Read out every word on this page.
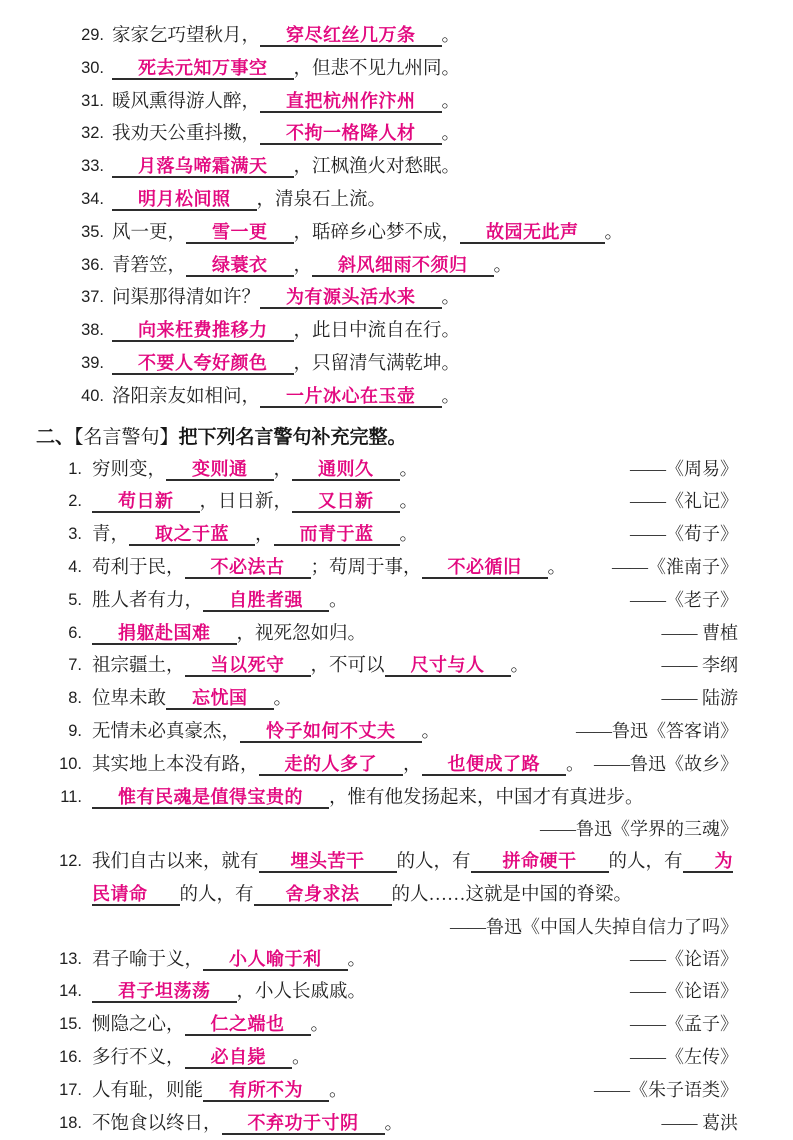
29. 家家乞巧望秋月， 穿尽红丝几万条 。
30. 死去元知万事空 ，但悲不见九州同。
31. 暖风熏得游人醉， 直把杭州作汴州 。
32. 我劝天公重抖擞， 不拘一格降人材 。
33. 月落乌啼霜满天 ，江枫渔火对愁眠。
34. 明月松间照 ，清泉石上流。
35. 风一更， 雪一更 ，聒碎乡心梦不成， 故园无此声 。
36. 青箬笠， 绿蓑衣 ， 斜风细雨不须归 。
37. 问渠那得清如许？ 为有源头活水来 。
38. 向来枉费推移力 ，此日中流自在行。
39. 不要人夸好颜色 ，只留清气满乾坤。
40. 洛阳亲友如相问， 一片冰心在玉壶 。
二、【名言警句】把下列名言警句补充完整。
1. 穷则变， 变则通 ， 通则久 。	——《周易》
2. 苟日新 ，日日新， 又日新 。	——《礼记》
3. 青， 取之于蓝 ， 而青于蓝 。	——《荀子》
4. 苟利于民， 不必法古 ；苟周于事， 不必循旧 。	——《淮南子》
5. 胜人者有力， 自胜者强 。	——《老子》
6. 捐躯赴国难 ，视死忽如归。	—— 曹植
7. 祖宗疆土， 当以死守 ，不可以 尺寸与人 。	—— 李纲
8. 位卑未敢 忘忧国 。	—— 陆游
9. 无情未必真豪杰， 怜子如何不丈夫 。	——鲁迅《答客诮》
10. 其实地上本没有路， 走的人多了 ， 也便成了路 。 ——鲁迅《故乡》
11. 惟有民魂是值得宝贵的 ，惟有他发扬起来，中国才有真进步。
——鲁迅《学界的三魂》
12. 我们自古以来，就有 埋头苦干 的人，有 拼命硬干 的人，有 为民请命 的人，有 舍身求法 的人……这就是中国的脊梁。
——鲁迅《中国人失掉自信力了吗》
13. 君子喻于义， 小人喻于利 。	——《论语》
14. 君子坦荡荡 ，小人长戚戚。	——《论语》
15. 恻隐之心， 仁之端也 。	——《孟子》
16. 多行不义， 必自毙 。	——《左传》
17. 人有耻，则能 有所不为 。	——《朱子语类》
18. 不饱食以终日， 不弃功于寸阴 。	—— 葛洪
